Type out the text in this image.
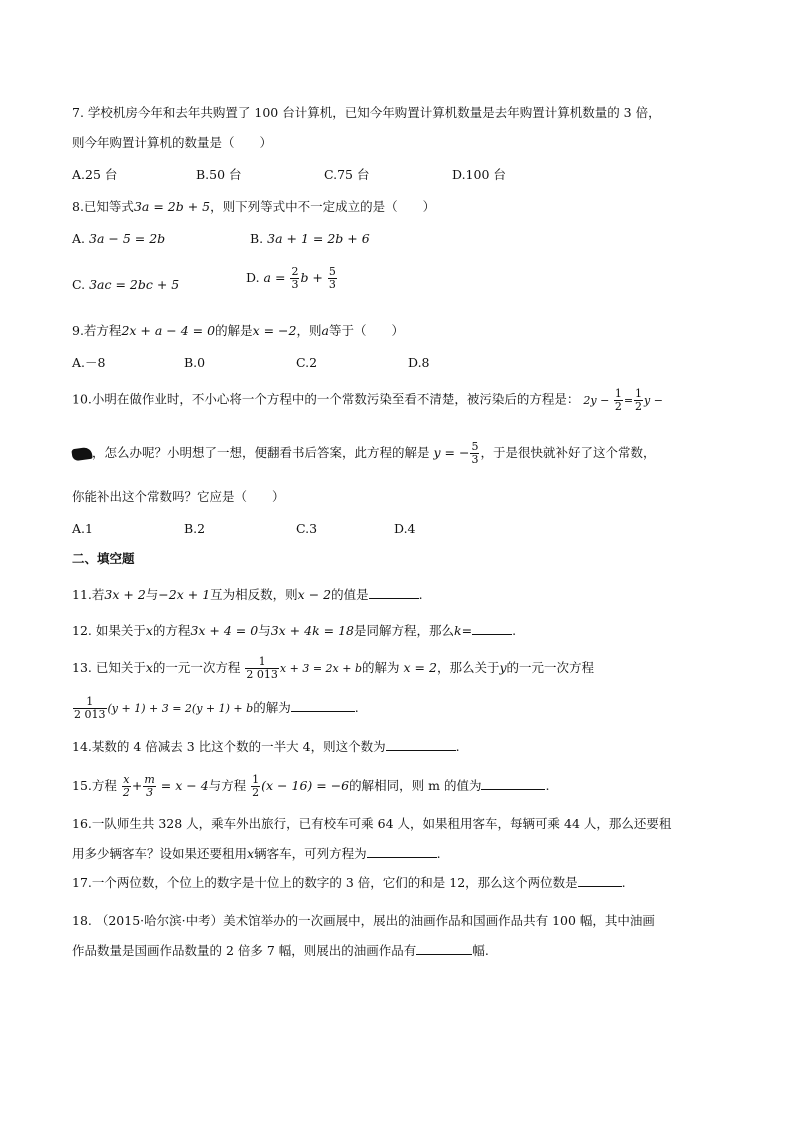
7. 学校机房今年和去年共购置了 100 台计算机，已知今年购置计算机数量是去年购置计算机数量的 3 倍，
则今年购置计算机的数量是（　　）
A.25 台	B.50 台	C.75 台	D.100 台
8.已知等式3a = 2b + 5，则下列等式中不一定成立的是（　　）
A. 3a − 5 = 2b	B. 3a + 1 = 2b + 6
C. 3ac = 2bc + 5	D. $a = \frac{2}{3}$ $b + \frac{5}{3}$
9.若方程2x + a − 4 = 0的解是x = −2，则a等于（　　）
A.－8	B.0	C.2	D.8
10.小明在做作业时，不小心将一个方程中的一个常数污染至看不清楚，被污染后的方程是： $2y - \frac{1}{2} = \frac{1}{2}$ y −
，怎么办呢？小明想了一想，便翻看书后答案，此方程的解是 y = − $\frac{5}{3}$ ，于是很快就补好了这个常数，
你能补出这个常数吗？它应是（　　）
A.1	B.2	C.3	D.4
二、填空题
11.若3x + 2与−2x + 1互为相反数，则x − 2的值是	.
12. 如果关于x的方程3x + 4 = 0与3x + 4k = 18是同解方程，那么k=	.
13. 已知关于x的一元一次方程 $\frac{1}{2 013}$ x + 3 = 2x + b的解为 x = 2，那么关于y的一元一次方程
$\frac{1}{2 013} (y + 1) + 3 = 2(y + 1) + b$的解为	.
14.某数的 4 倍减去 3 比这个数的一半大 4，则这个数为	.
15.方程 $\frac{x}{2} + \frac{m}{3} = x - 4$与方程 $\frac{1}{2} (x - 16) = -6$的解相同，则 m 的值为	.
16.一队师生共 328 人，乘车外出旅行，已有校车可乘 64 人，如果租用客车，每辆可乘 44 人，那么还要租
用多少辆客车？设如果还要租用x辆客车，可列方程为	.
17.一个两位数，个位上的数字是十位上的数字的 3 倍，它们的和是 12，那么这个两位数是	.
18. （2015·哈尔滨·中考）美术馆举办的一次画展中，展出的油画作品和国画作品共有 100 幅，其中油画
作品数量是国画作品数量的 2 倍多 7 幅，则展出的油画作品有	幅.
